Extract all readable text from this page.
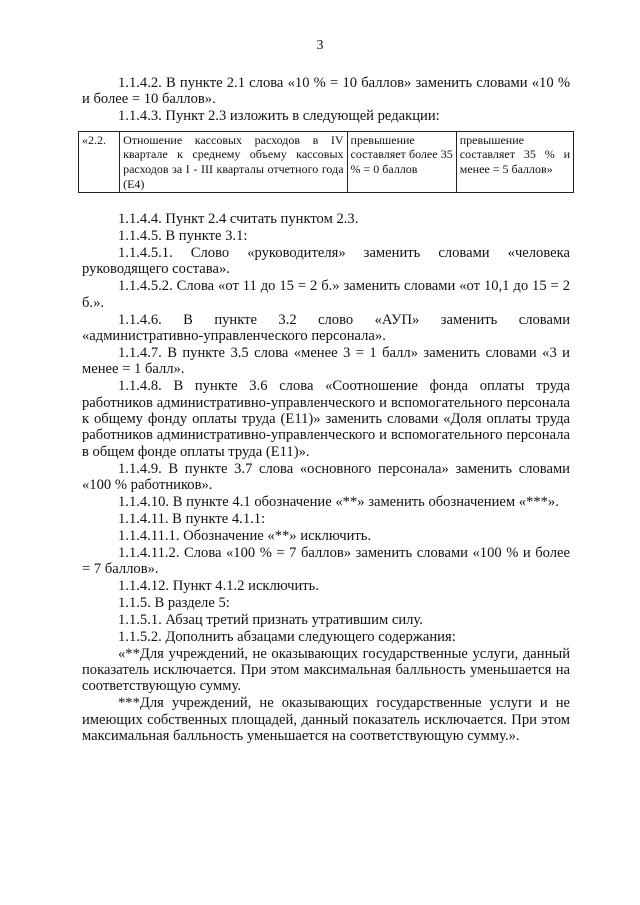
3

1.1.4.2. В пункте 2.1 слова «10 % = 10 баллов» заменить словами «10 % и более = 10 баллов».

1.1.4.3. Пункт 2.3 изложить в следующей редакции:

«2.2.	Отношение кассовых расходов в IV квартале к среднему объему кассовых расходов за I - III кварталы отчетного года (Е4)	превышение составляет более 35 % = 0 баллов	превышение составляет 35 % и менее = 5 баллов»

1.1.4.4. Пункт 2.4 считать пунктом 2.3.

1.1.4.5. В пункте 3.1:

1.1.4.5.1. Слово «руководителя» заменить словами «человека руководящего состава».

1.1.4.5.2. Слова «от 11 до 15 = 2 б.» заменить словами «от 10,1 до 15 = 2 б.».

1.1.4.6. В пункте 3.2 слово «АУП» заменить словами «административно-управленческого персонала».

1.1.4.7. В пункте 3.5 слова «менее 3 = 1 балл» заменить словами «3 и менее = 1 балл».

1.1.4.8. В пункте 3.6 слова «Соотношение фонда оплаты труда работников административно-управленческого и вспомогательного персонала к общему фонду оплаты труда (Е11)» заменить словами «Доля оплаты труда работников административно-управленческого и вспомогательного персонала в общем фонде оплаты труда (Е11)».

1.1.4.9. В пункте 3.7 слова «основного персонала» заменить словами «100 % работников».

1.1.4.10. В пункте 4.1 обозначение «**» заменить обозначением «***».

1.1.4.11. В пункте 4.1.1:

1.1.4.11.1. Обозначение «**» исключить.

1.1.4.11.2. Слова «100 % = 7 баллов» заменить словами «100 % и более = 7 баллов».

1.1.4.12. Пункт 4.1.2 исключить.

1.1.5. В разделе 5:

1.1.5.1. Абзац третий признать утратившим силу.

1.1.5.2. Дополнить абзацами следующего содержания:

«**Для учреждений, не оказывающих государственные услуги, данный показатель исключается. При этом максимальная балльность уменьшается на соответствующую сумму.

***Для учреждений, не оказывающих государственные услуги и не имеющих собственных площадей, данный показатель исключается. При этом максимальная балльность уменьшается на соответствующую сумму.».
